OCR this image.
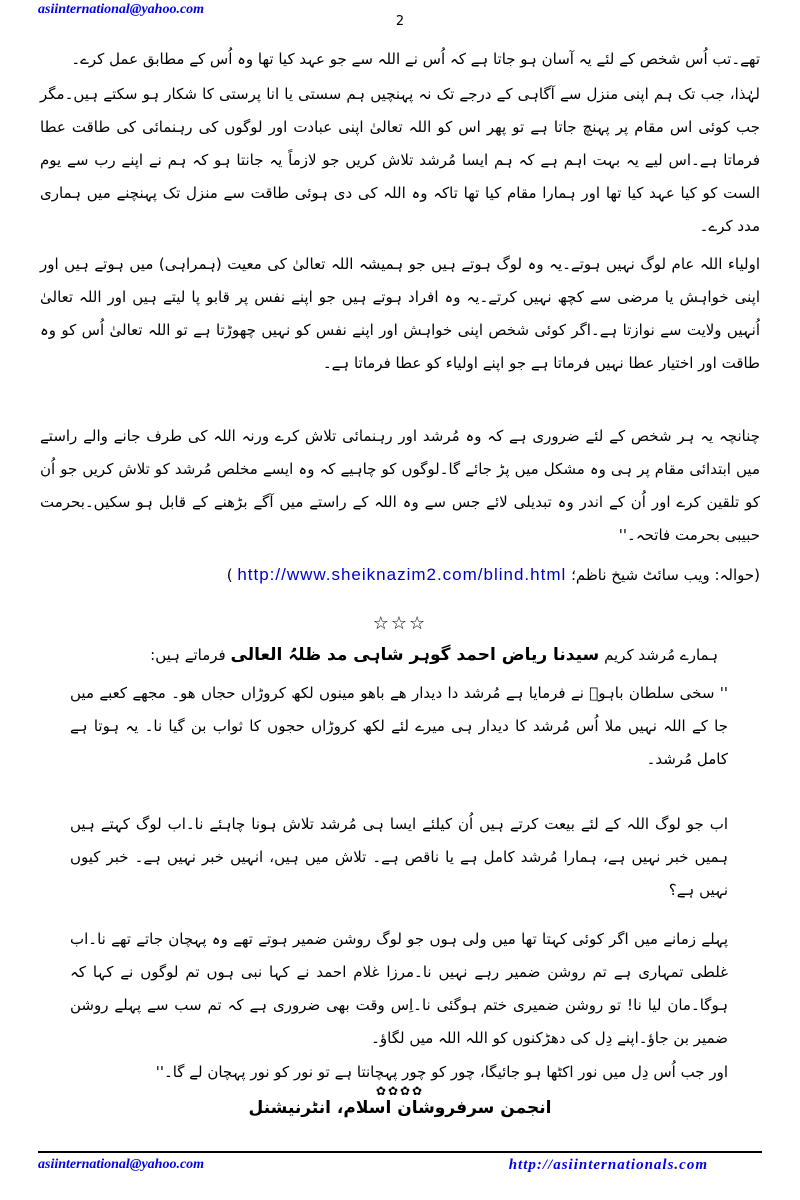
asiinternational@yahoo.com
2
تھے۔تب اُس شخص کے لئے یہ آسان ہو جاتا ہے کہ اُس نے اللہ سے جو عہد کیا تھا وہ اُس کے مطابق عمل کرے۔
لہٰذا، جب تک ہم اپنی منزل سے آگاہی کے درجے تک نہ پہنچیں ہم سستی یا انا پرستی کا شکار ہو سکتے ہیں۔مگر جب کوئی اس مقام پر پہنچ جاتا ہے تو پھر اس کو اللہ تعالیٰ اپنی عبادت اور لوگوں کی رہنمائی کی طاقت عطا فرماتا ہے۔اس لیے یہ بہت اہم ہے کہ ہم ایسا مُرشد تلاش کریں جو لازماً یہ جانتا ہو کہ ہم نے اپنے رب سے یوم الست کو کیا عہد کیا تھا اور ہمارا مقام کیا تھا تاکہ وہ اللہ کی دی ہوئی طاقت سے منزل تک پہنچنے میں ہماری مدد کرے۔
اولیاء اللہ عام لوگ نہیں ہوتے۔یہ وہ لوگ ہوتے ہیں جو ہمیشہ اللہ تعالیٰ کی معیت (ہمراہی) میں ہوتے ہیں اور اپنی خواہش یا مرضی سے کچھ نہیں کرتے۔یہ وہ افراد ہوتے ہیں جو اپنے نفس پر قابو پا لیتے ہیں اور اللہ تعالیٰ اُنہیں ولایت سے نوازتا ہے۔اگر کوئی شخص اپنی خواہش اور اپنے نفس کو نہیں چھوڑتا ہے تو اللہ تعالیٰ اُس کو وہ طاقت اور اختیار عطا نہیں فرماتا ہے جو اپنے اولیاء کو عطا فرماتا ہے۔
چنانچہ یہ ہر شخص کے لئے ضروری ہے کہ وہ مُرشد اور رہنمائی تلاش کرے ورنہ اللہ کی طرف جانے والے راستے میں ابتدائی مقام پر ہی وہ مشکل میں پڑ جائے گا۔لوگوں کو چاہیے کہ وہ ایسے مخلص مُرشد کو تلاش کریں جو اُن کو تلقین کرے اور اُن کے اندر وہ تبدیلی لائے جس سے وہ اللہ کے راستے میں آگے بڑھنے کے قابل ہو سکیں۔بحرمت حبیبی بحرمت فاتحہ۔''
(حوالہ: ویب سائٹ شیخ ناظم؛ http://www.sheiknazim2.com/blind.html )
☆☆☆
ہمارے مُرشد کریم سیدنا ریاض احمد گوہر شاہی مد ظلہُ العالی فرماتے ہیں:
'' سخی سلطان باہوؒ نے فرمایا ہے مُرشد دا دیدار ھے باھو مینوں لکھ کروڑاں حجاں ھو۔ مجھے کعبے میں جا کے اللہ نہیں ملا اُس مُرشد کا دیدار ہی میرے لئے لکھ کروڑاں حجوں کا ثواب بن گیا نا۔ یہ ہوتا ہے کامل مُرشد۔
اب جو لوگ اللہ کے لئے بیعت کرتے ہیں اُن کیلئے ایسا ہی مُرشد تلاش ہونا چاہئے نا۔اب لوگ کہتے ہیں ہمیں خبر نہیں ہے، ہمارا مُرشد کامل ہے یا ناقص ہے۔ تلاش میں ہیں، انہیں خبر نہیں ہے۔ خبر کیوں نہیں ہے؟
پہلے زمانے میں اگر کوئی کہتا تھا میں ولی ہوں جو لوگ روشن ضمیر ہوتے تھے وہ پہچان جاتے تھے نا۔اب غلطی تمہاری ہے تم روشن ضمیر رہے نہیں نا۔مرزا غلام احمد نے کہا نبی ہوں تم لوگوں نے کہا کہ ہوگا۔مان لیا نا! تو روشن ضمیری ختم ہوگئی نا۔اِس وقت بھی ضروری ہے کہ تم سب سے پہلے روشن ضمیر بن جاؤ۔اپنے دِل کی دھڑکنوں کو اللہ اللہ میں لگاؤ۔
اور جب اُس دِل میں نور اکٹھا ہو جائیگا، چور کو چور پہچانتا ہے تو نور کو نور پہچان لے گا۔''
✿✿✿✿
انجمن سرفروشان اسلام، انٹرنیشنل
asiinternational@yahoo.com	http://asiinternationals.com
